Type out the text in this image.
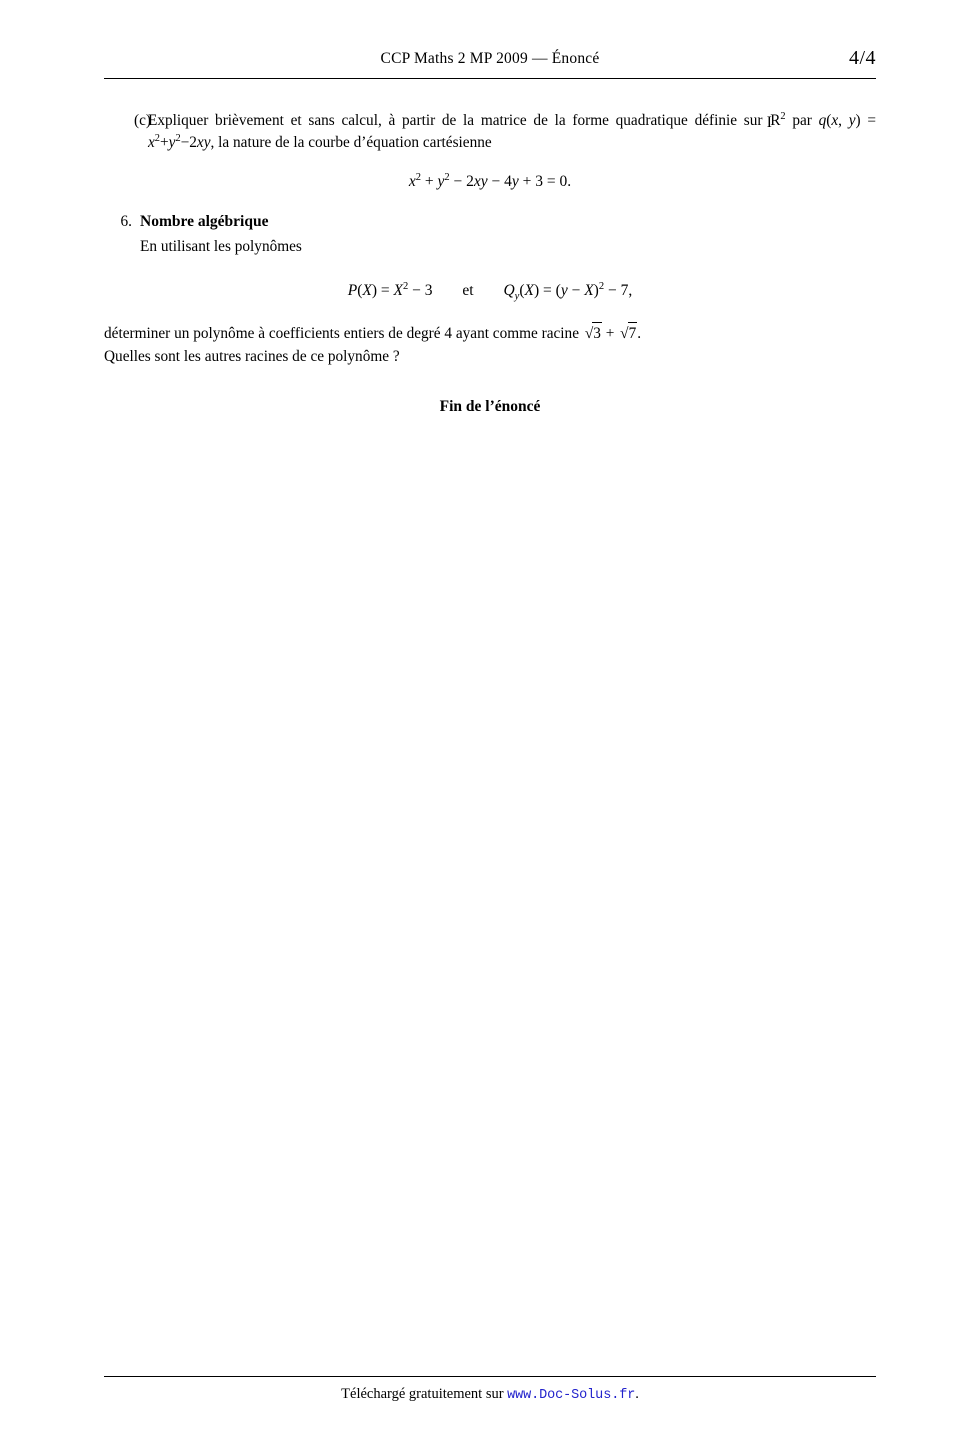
CCP Maths 2 MP 2009 — Énoncé	4/4
(c)
Expliquer brièvement et sans calcul, à partir de la matrice de la forme quadratique définie sur I $R^2$ par q(x, $y) = x^2+y^2-2xy$, la nature de la courbe d’équation cartésienne
$x^2 + y^2 - 2xy - 4y + 3 = 0$.
6. Nombre algébrique
En utilisant les polynômes
$P(X) = X^2 - 3$ et $Q_y(X) = (y - X)^2 - 7$,
déterminer un polynôme à coefficients entiers de degré 4 ayant comme racine √3 + √7.
Quelles sont les autres racines de ce polynôme ?
Fin de l’énoncé
Téléchargé gratuitement sur www.Doc-Solus.fr.
